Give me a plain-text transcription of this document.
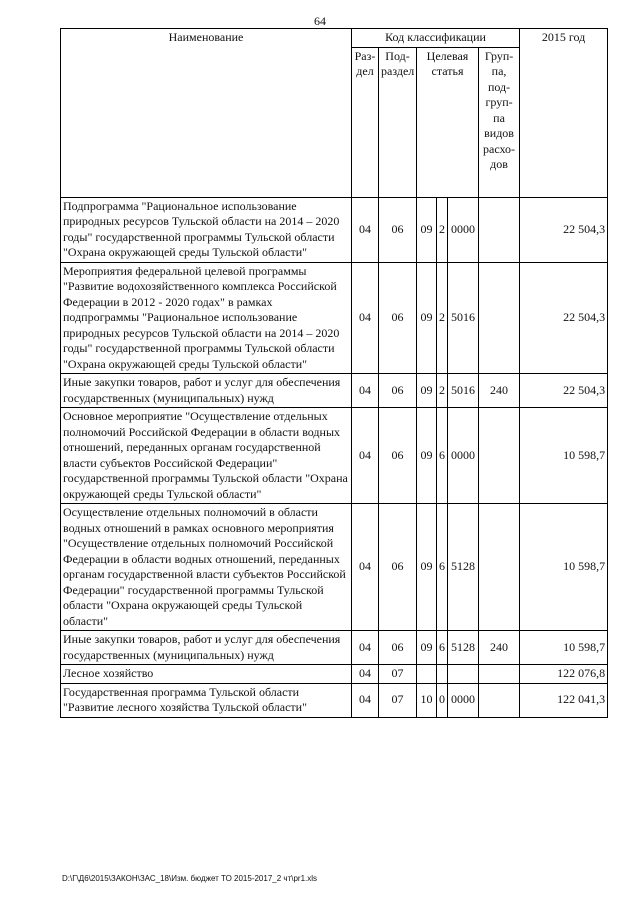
64
Наименование	Код классификации						2015 год
	Раз-дел	Под-раздел	Целевая статья			Груп-па, под-груп-па видов расхо-дов	
Подпрограмма "Рациональное использование природных ресурсов Тульской области на 2014 – 2020 годы" государственной программы Тульской области "Охрана окружающей среды Тульской области"	04	06	09	2	0000		22 504,3
Мероприятия федеральной целевой программы "Развитие водохозяйственного комплекса Российской Федерации в 2012 - 2020 годах" в рамках подпрограммы "Рациональное использование природных ресурсов Тульской области на 2014 – 2020 годы" государственной программы Тульской области "Охрана окружающей среды Тульской области"	04	06	09	2	5016		22 504,3
Иные закупки товаров, работ и услуг для обеспечения государственных (муниципальных) нужд	04	06	09	2	5016	240	22 504,3
Основное мероприятие "Осуществление отдельных полномочий Российской Федерации в области водных отношений, переданных органам государственной власти субъектов Российской Федерации" государственной программы Тульской области "Охрана окружающей среды Тульской области"	04	06	09	6	0000		10 598,7
Осуществление отдельных полномочий в области водных отношений в рамках основного мероприятия "Осуществление отдельных полномочий Российской Федерации в области водных отношений, переданных органам государственной власти субъектов Российской Федерации" государственной программы Тульской области "Охрана окружающей среды Тульской области"	04	06	09	6	5128		10 598,7
Иные закупки товаров, работ и услуг для обеспечения государственных (муниципальных) нужд	04	06	09	6	5128	240	10 598,7
Лесное хозяйство	04	07					122 076,8
Государственная программа Тульской области "Развитие лесного хозяйства Тульской области"	04	07	10	0	0000		122 041,3
D:\Г\Д6\2015\ЗАКОН\ЗАС_18\Изм. бюджет ТО 2015-2017_2 чт\pr1.xls
